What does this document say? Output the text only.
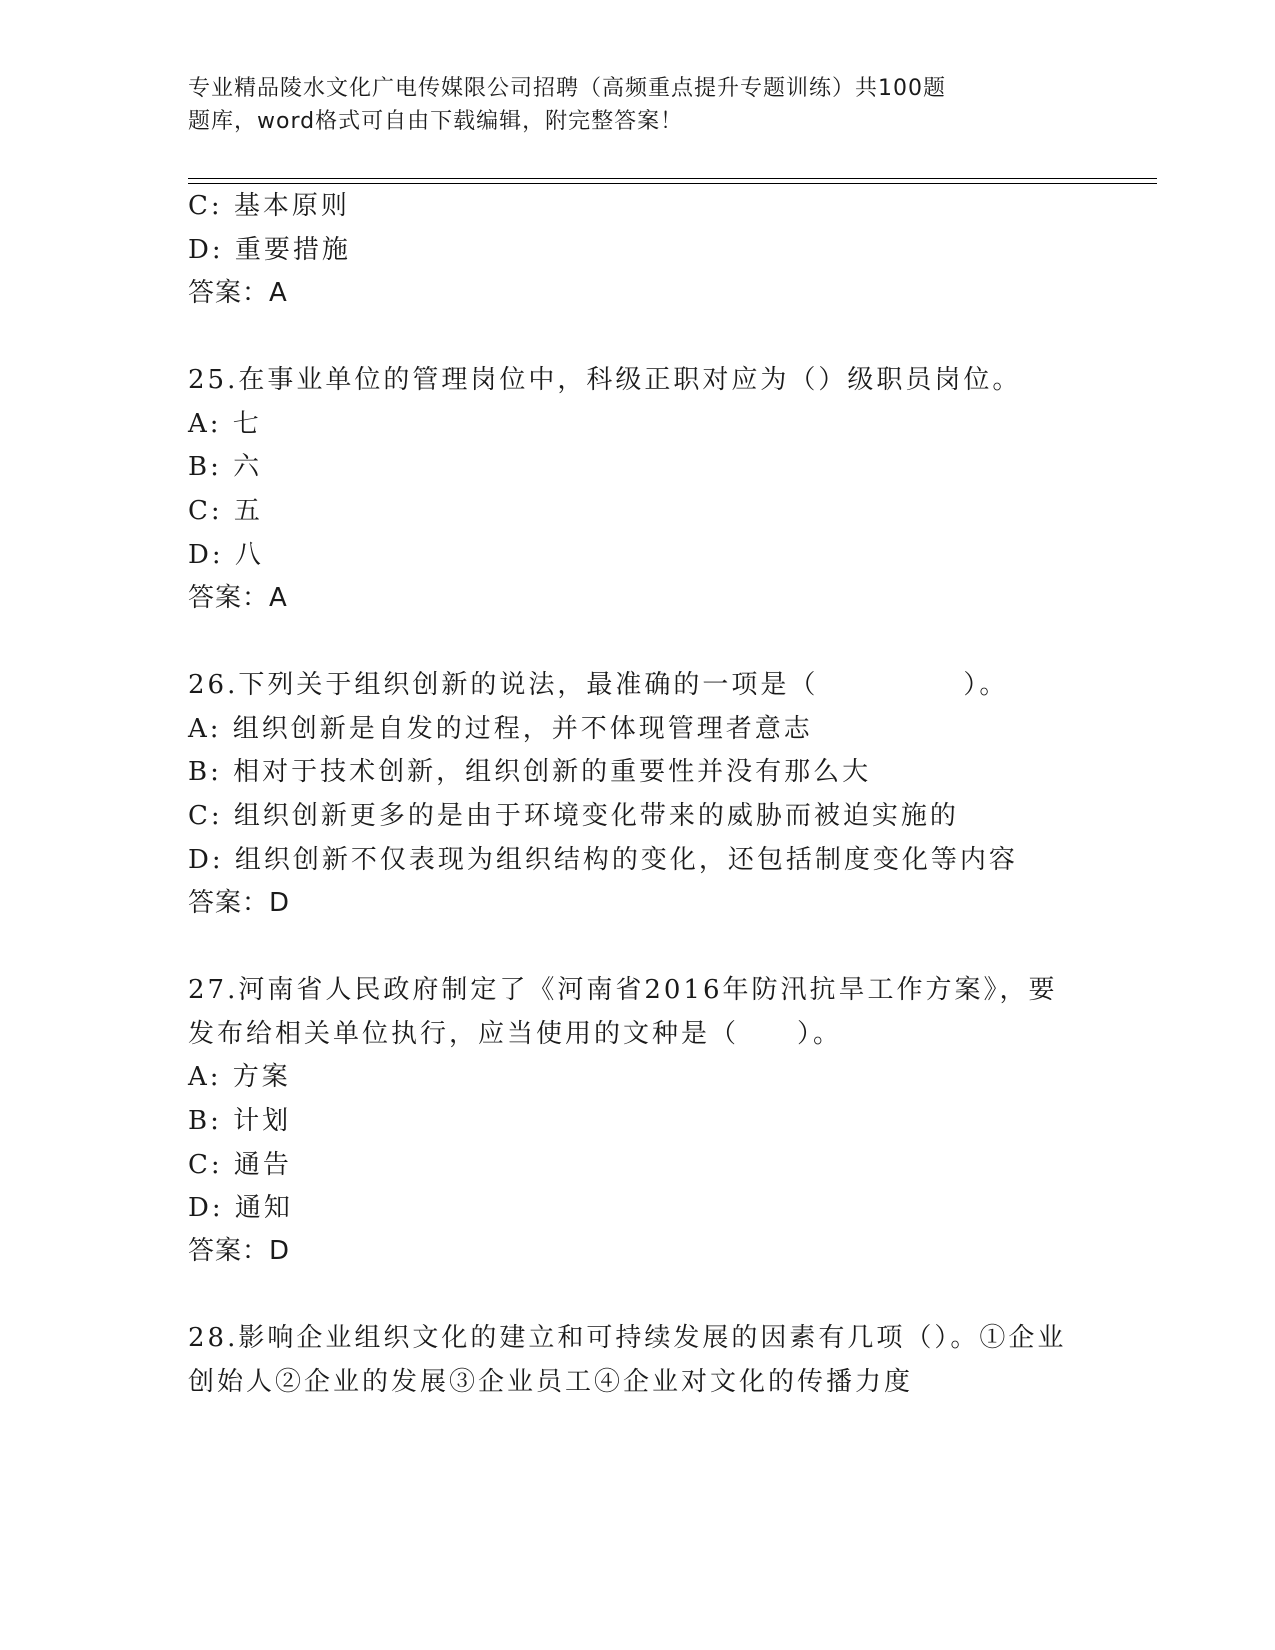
专业精品陵水文化广电传媒限公司招聘（高频重点提升专题训练）共100题
题库，word格式可自由下载编辑，附完整答案！
C: 基本原则
D: 重要措施
答案：A
25.在事业单位的管理岗位中，科级正职对应为（）级职员岗位。
A: 七
B: 六
C: 五
D: 八
答案：A
26.下列关于组织创新的说法，最准确的一项是（　　　　　）。
A: 组织创新是自发的过程，并不体现管理者意志
B: 相对于技术创新，组织创新的重要性并没有那么大
C: 组织创新更多的是由于环境变化带来的威胁而被迫实施的
D: 组织创新不仅表现为组织结构的变化，还包括制度变化等内容
答案：D
27.河南省人民政府制定了《河南省2016年防汛抗旱工作方案》，要
发布给相关单位执行，应当使用的文种是（　　）。
A: 方案
B: 计划
C: 通告
D: 通知
答案：D
28.影响企业组织文化的建立和可持续发展的因素有几项（）。①企业
创始人②企业的发展③企业员工④企业对文化的传播力度
